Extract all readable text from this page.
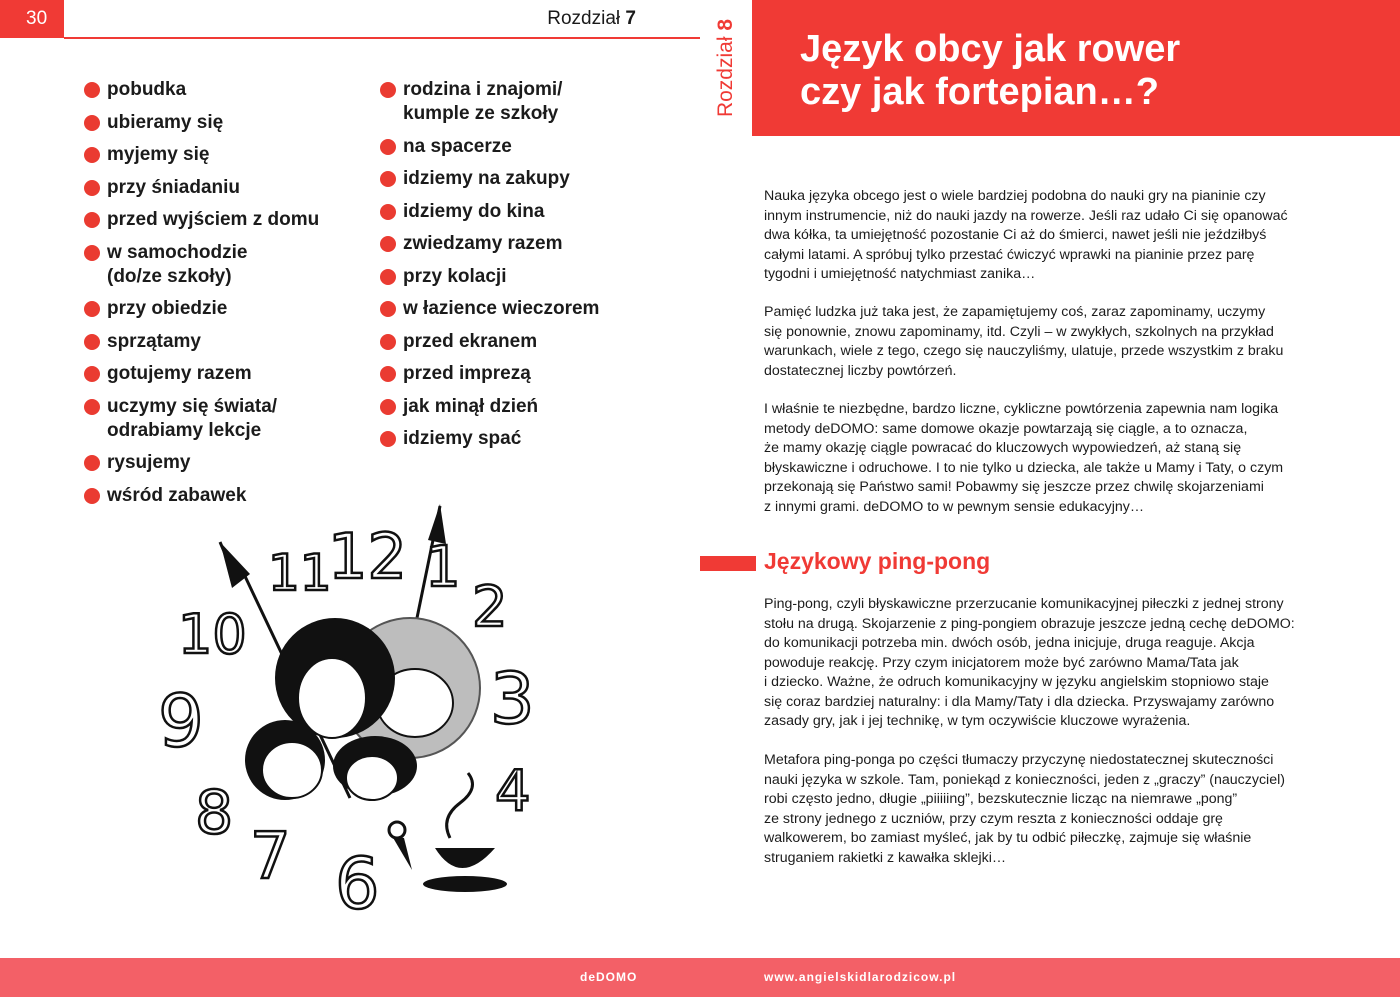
30	Rozdział 7
pobudka
ubieramy się
myjemy się
przy śniadaniu
przed wyjściem z domu
w samochodzie
(do/ze szkoły)
przy obiedzie
sprzątamy
gotujemy razem
uczymy się świata/
odrabiamy lekcje
rysujemy
wśród zabawek
rodzina i znajomi/
kumple ze szkoły
na spacerze
idziemy na zakupy
idziemy do kina
zwiedzamy razem
przy kolacji
w łazience wieczorem
przed ekranem
przed imprezą
jak minął dzień
idziemy spać
12 1
2
3
4
6
7
8
9
10
11
Rozdział 8
Język obcy jak rower
czy jak fortepian…?
Nauka języka obcego jest o wiele bardziej podobna do nauki gry na pianinie czy
innym instrumencie, niż do nauki jazdy na rowerze. Jeśli raz udało Ci się opanować
dwa kółka, ta umiejętność pozostanie Ci aż do śmierci, nawet jeśli nie jeździłbyś
całymi latami. A spróbuj tylko przestać ćwiczyć wprawki na pianinie przez parę
tygodni i umiejętność natychmiast zanika…
Pamięć ludzka już taka jest, że zapamiętujemy coś, zaraz zapominamy, uczymy
się ponownie, znowu zapominamy, itd. Czyli – w zwykłych, szkolnych na przykład
warunkach, wiele z tego, czego się nauczyliśmy, ulatuje, przede wszystkim z braku
dostatecznej liczby powtórzeń.
I właśnie te niezbędne, bardzo liczne, cykliczne powtórzenia zapewnia nam logika
metody deDOMO: same domowe okazje powtarzają się ciągle, a to oznacza,
że mamy okazję ciągle powracać do kluczowych wypowiedzeń, aż staną się
błyskawiczne i odruchowe. I to nie tylko u dziecka, ale także u Mamy i Taty, o czym
przekonają się Państwo sami! Pobawmy się jeszcze przez chwilę skojarzeniami
z innymi grami. deDOMO to w pewnym sensie edukacyjny…
Językowy ping-pong
Ping-pong, czyli błyskawiczne przerzucanie komunikacyjnej piłeczki z jednej strony
stołu na drugą. Skojarzenie z ping-pongiem obrazuje jeszcze jedną cechę deDOMO:
do komunikacji potrzeba min. dwóch osób, jedna inicjuje, druga reaguje. Akcja
powoduje reakcję. Przy czym inicjatorem może być zarówno Mama/Tata jak
i dziecko. Ważne, że odruch komunikacyjny w języku angielskim stopniowo staje
się coraz bardziej naturalny: i dla Mamy/Taty i dla dziecka. Przyswajamy zarówno
zasady gry, jak i jej technikę, w tym oczywiście kluczowe wyrażenia.
Metafora ping-ponga po części tłumaczy przyczynę niedostatecznej skuteczności
nauki języka w szkole. Tam, poniekąd z konieczności, jeden z „graczy” (nauczyciel)
robi często jedno, długie „piiiiing”, bezskutecznie licząc na niemrawe „pong”
ze strony jednego z uczniów, przy czym reszta z konieczności oddaje grę
walkowerem, bo zamiast myśleć, jak by tu odbić piłeczkę, zajmuje się właśnie
struganiem rakietki z kawałka sklejki…
deDOMO	www.angielskidlarodzicow.pl
